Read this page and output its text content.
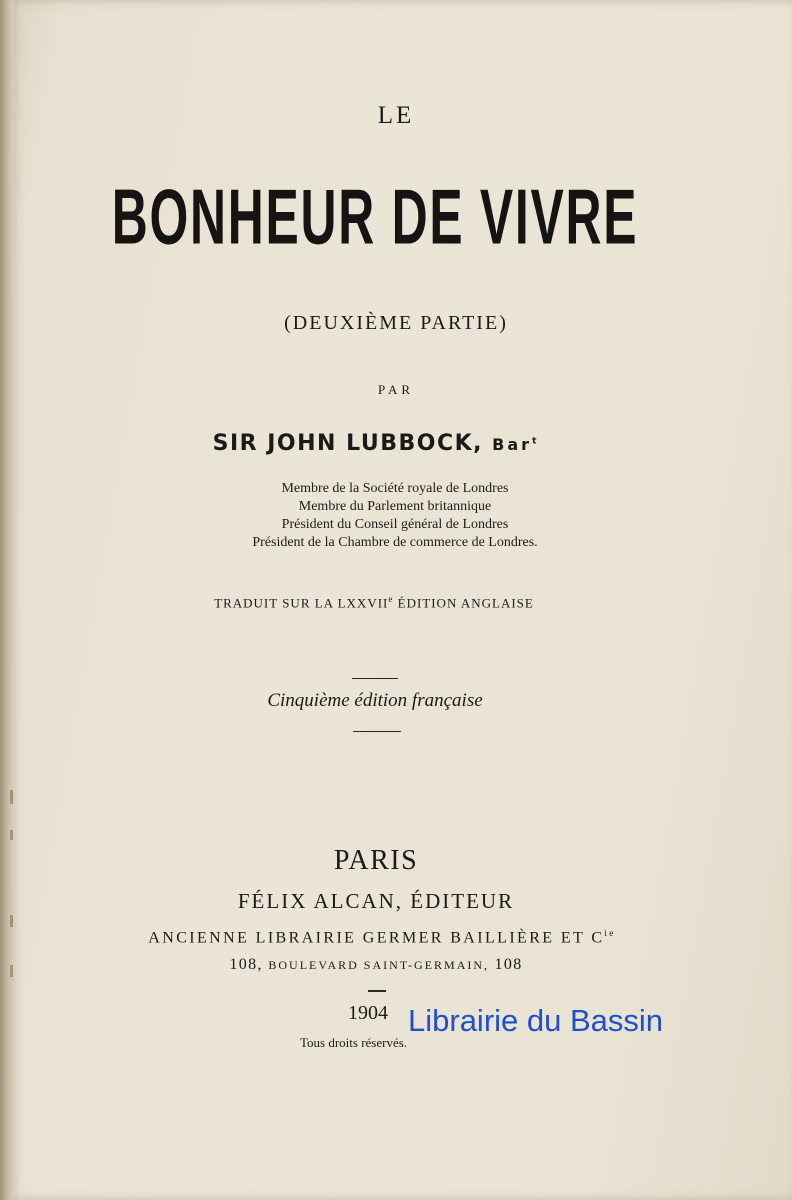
LE
BONHEUR DE VIVRE
(DEUXIÈME PARTIE)
PAR
SIR JOHN LUBBOCK, Bar$^t$
Membre de la Société royale de Londres
Membre du Parlement britannique
Président du Conseil général de Londres
Président de la Chambre de commerce de Londres.
TRADUIT SUR LA LXXVIIe ÉDITION ANGLAISE
Cinquième édition française
PARIS
FÉLIX ALCAN, ÉDITEUR
ANCIENNE LIBRAIRIE GERMER BAILLIÈRE ET $C^{ie}$
108, BOULEVARD SAINT-GERMAIN, 108
1904
Tous droits réservés.
Librairie du Bassin
